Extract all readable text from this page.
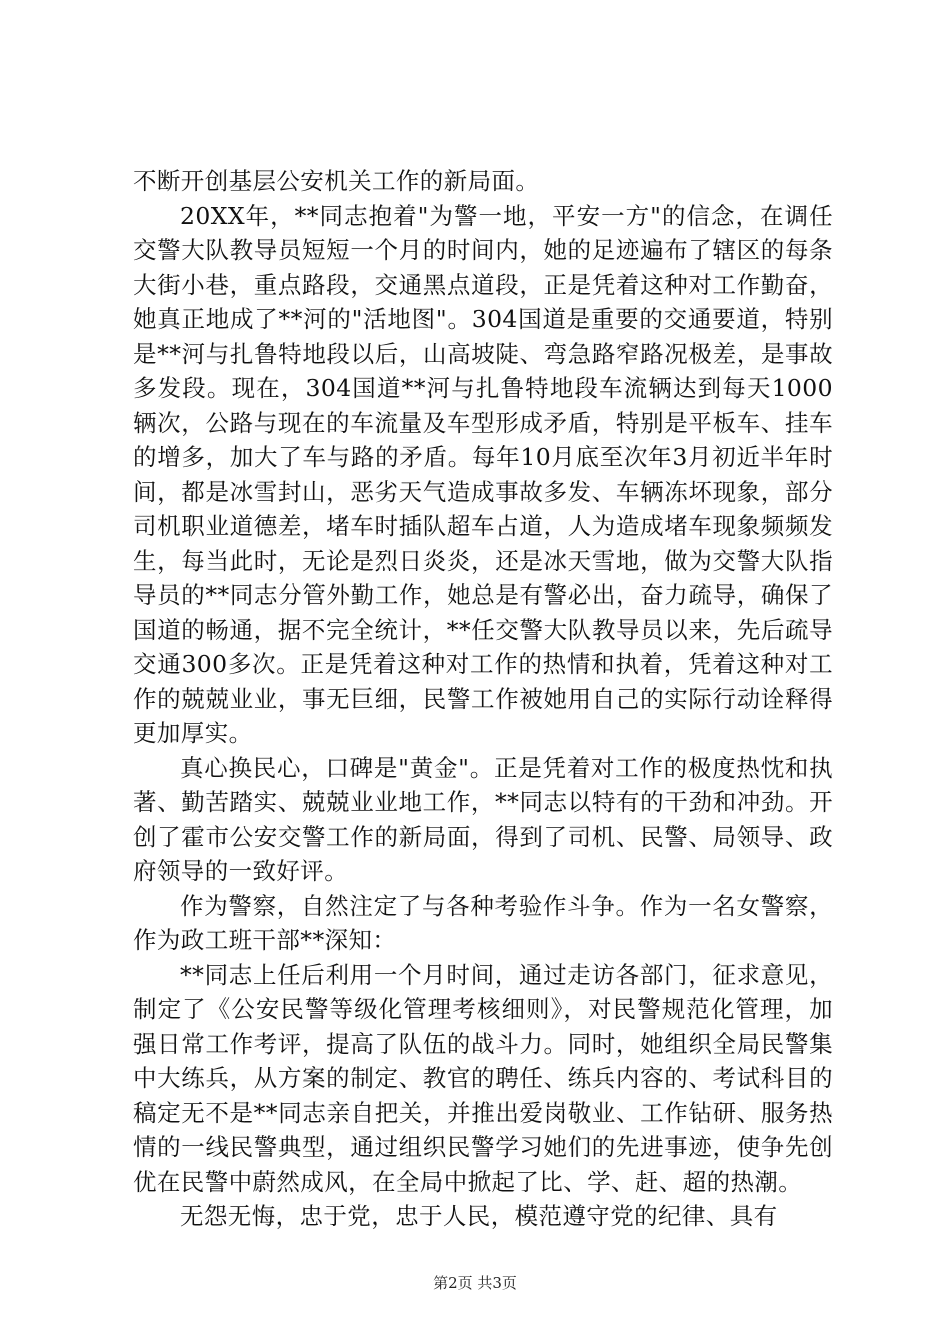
不断开创基层公安机关工作的新局面。

20XX年，**同志抱着"为警一地，平安一方"的信念，在调任交警大队教导员短短一个月的时间内，她的足迹遍布了辖区的每条大街小巷，重点路段，交通黑点道段，正是凭着这种对工作勤奋，她真正地成了**河的"活地图"。304国道是重要的交通要道，特别是**河与扎鲁特地段以后，山高坡陡、弯急路窄路况极差，是事故多发段。现在，304国道**河与扎鲁特地段车流辆达到每天1000辆次，公路与现在的车流量及车型形成矛盾，特别是平板车、挂车的增多，加大了车与路的矛盾。每年10月底至次年3月初近半年时间，都是冰雪封山，恶劣天气造成事故多发、车辆冻坏现象，部分司机职业道德差，堵车时插队超车占道，人为造成堵车现象频频发生，每当此时，无论是烈日炎炎，还是冰天雪地，做为交警大队指导员的**同志分管外勤工作，她总是有警必出，奋力疏导，确保了国道的畅通，据不完全统计，**任交警大队教导员以来，先后疏导交通300多次。正是凭着这种对工作的热情和执着，凭着这种对工作的兢兢业业，事无巨细，民警工作被她用自己的实际行动诠释得更加厚实。

真心换民心，口碑是"黄金"。正是凭着对工作的极度热忱和执著、勤苦踏实、兢兢业业地工作，**同志以特有的干劲和冲劲。开创了霍市公安交警工作的新局面，得到了司机、民警、局领导、政府领导的一致好评。

作为警察，自然注定了与各种考验作斗争。作为一名女警察，作为政工班干部**深知：

**同志上任后利用一个月时间，通过走访各部门，征求意见，制定了《公安民警等级化管理考核细则》，对民警规范化管理，加强日常工作考评，提高了队伍的战斗力。同时，她组织全局民警集中大练兵，从方案的制定、教官的聘任、练兵内容的、考试科目的稿定无不是**同志亲自把关，并推出爱岗敬业、工作钻研、服务热情的一线民警典型，通过组织民警学习她们的先进事迹，使争先创优在民警中蔚然成风，在全局中掀起了比、学、赶、超的热潮。

无怨无悔，忠于党，忠于人民，模范遵守党的纪律、具有

第2页 共3页
